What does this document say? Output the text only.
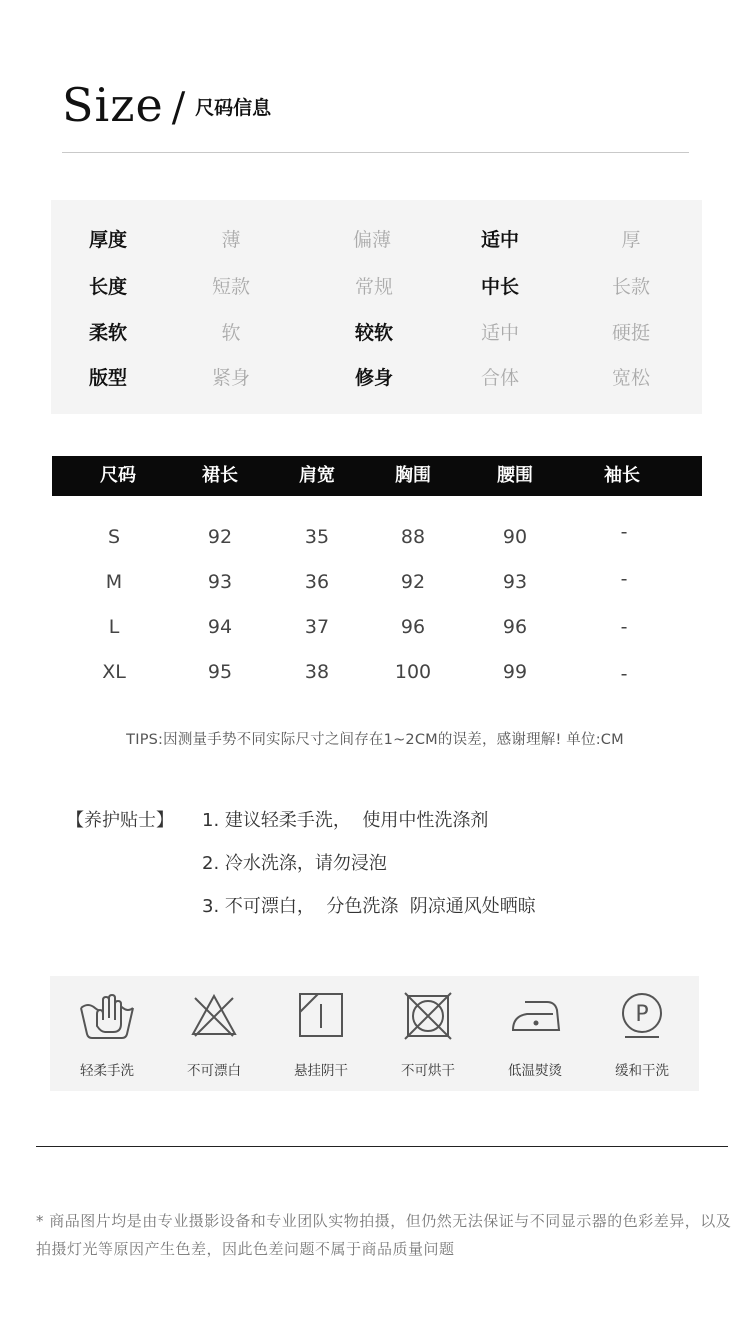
Size / 尺码信息
厚度	薄	偏薄	适中	厚
长度	短款	常规	中长	长款
柔软	软	较软	适中	硬挺
版型	紧身	修身	合体	宽松
尺码	裙长	肩宽	胸围	腰围	袖长
S	92	35	88	90	-
M	93	36	92	93	-
L	94	37	96	96	-
XL	95	38	100	99	-
TIPS:因测量手势不同实际尺寸之间存在1~2CM的误差，感谢理解! 单位:CM
【养护贴士】 1. 建议轻柔手洗，  使用中性洗涤剂
2. 冷水洗涤，请勿浸泡
3. 不可漂白，  分色洗涤  阴凉通风处晒晾
轻柔手洗	不可漂白	悬挂阴干	不可烘干	低温熨烫
P
缓和干洗
* 商品图片均是由专业摄影设备和专业团队实物拍摄，但仍然无法保证与不同显示器的色彩差异，以及拍摄灯光等原因产生色差，因此色差问题不属于商品质量问题
